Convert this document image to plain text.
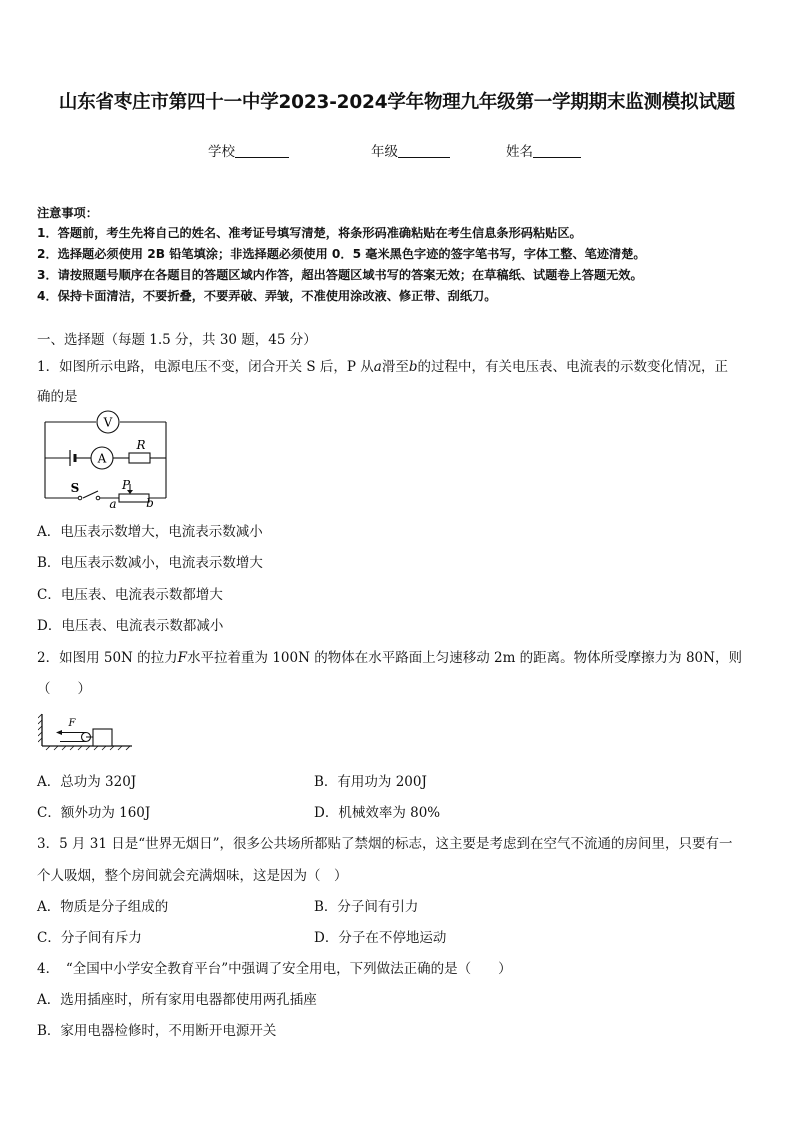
山东省枣庄市第四十一中学2023-2024学年物理九年级第一学期期末监测模拟试题
学校	年级	姓名
注意事项：
1．答题前，考生先将自己的姓名、准考证号填写清楚，将条形码准确粘贴在考生信息条形码粘贴区。
2．选择题必须使用 2B 铅笔填涂；非选择题必须使用 0．5 毫米黑色字迹的签字笔书写，字体工整、笔迹清楚。
3．请按照题号顺序在各题目的答题区域内作答，超出答题区域书写的答案无效；在草稿纸、试题卷上答题无效。
4．保持卡面清洁，不要折叠，不要弄破、弄皱，不准使用涂改液、修正带、刮纸刀。
一、选择题（每题 1.5 分，共 30 题，45 分）
1．如图所示电路，电源电压不变，闭合开关 S 后，P 从a滑至b的过程中，有关电压表、电流表的示数变化情况，正
确的是
V
A
R
S	P
a b
A．电压表示数增大，电流表示数减小
B．电压表示数减小，电流表示数增大
C．电压表、电流表示数都增大
D．电压表、电流表示数都减小
2．如图用 50N 的拉力F水平拉着重为 100N 的物体在水平路面上匀速移动 2m 的距离。物体所受摩擦力为 80N，则
（　　）
F
A．总功为 320J	B．有用功为 200J
C．额外功为 160J	D．机械效率为 80%
3．5 月 31 日是“世界无烟日”，很多公共场所都贴了禁烟的标志，这主要是考虑到在空气不流通的房间里，只要有一
个人吸烟，整个房间就会充满烟味，这是因为（　）
A．物质是分子组成的	B．分子间有引力
C．分子间有斥力	D．分子在不停地运动
4．　“全国中小学安全教育平台”中强调了安全用电，下列做法正确的是（　　）
A．选用插座时，所有家用电器都使用两孔插座
B．家用电器检修时，不用断开电源开关
